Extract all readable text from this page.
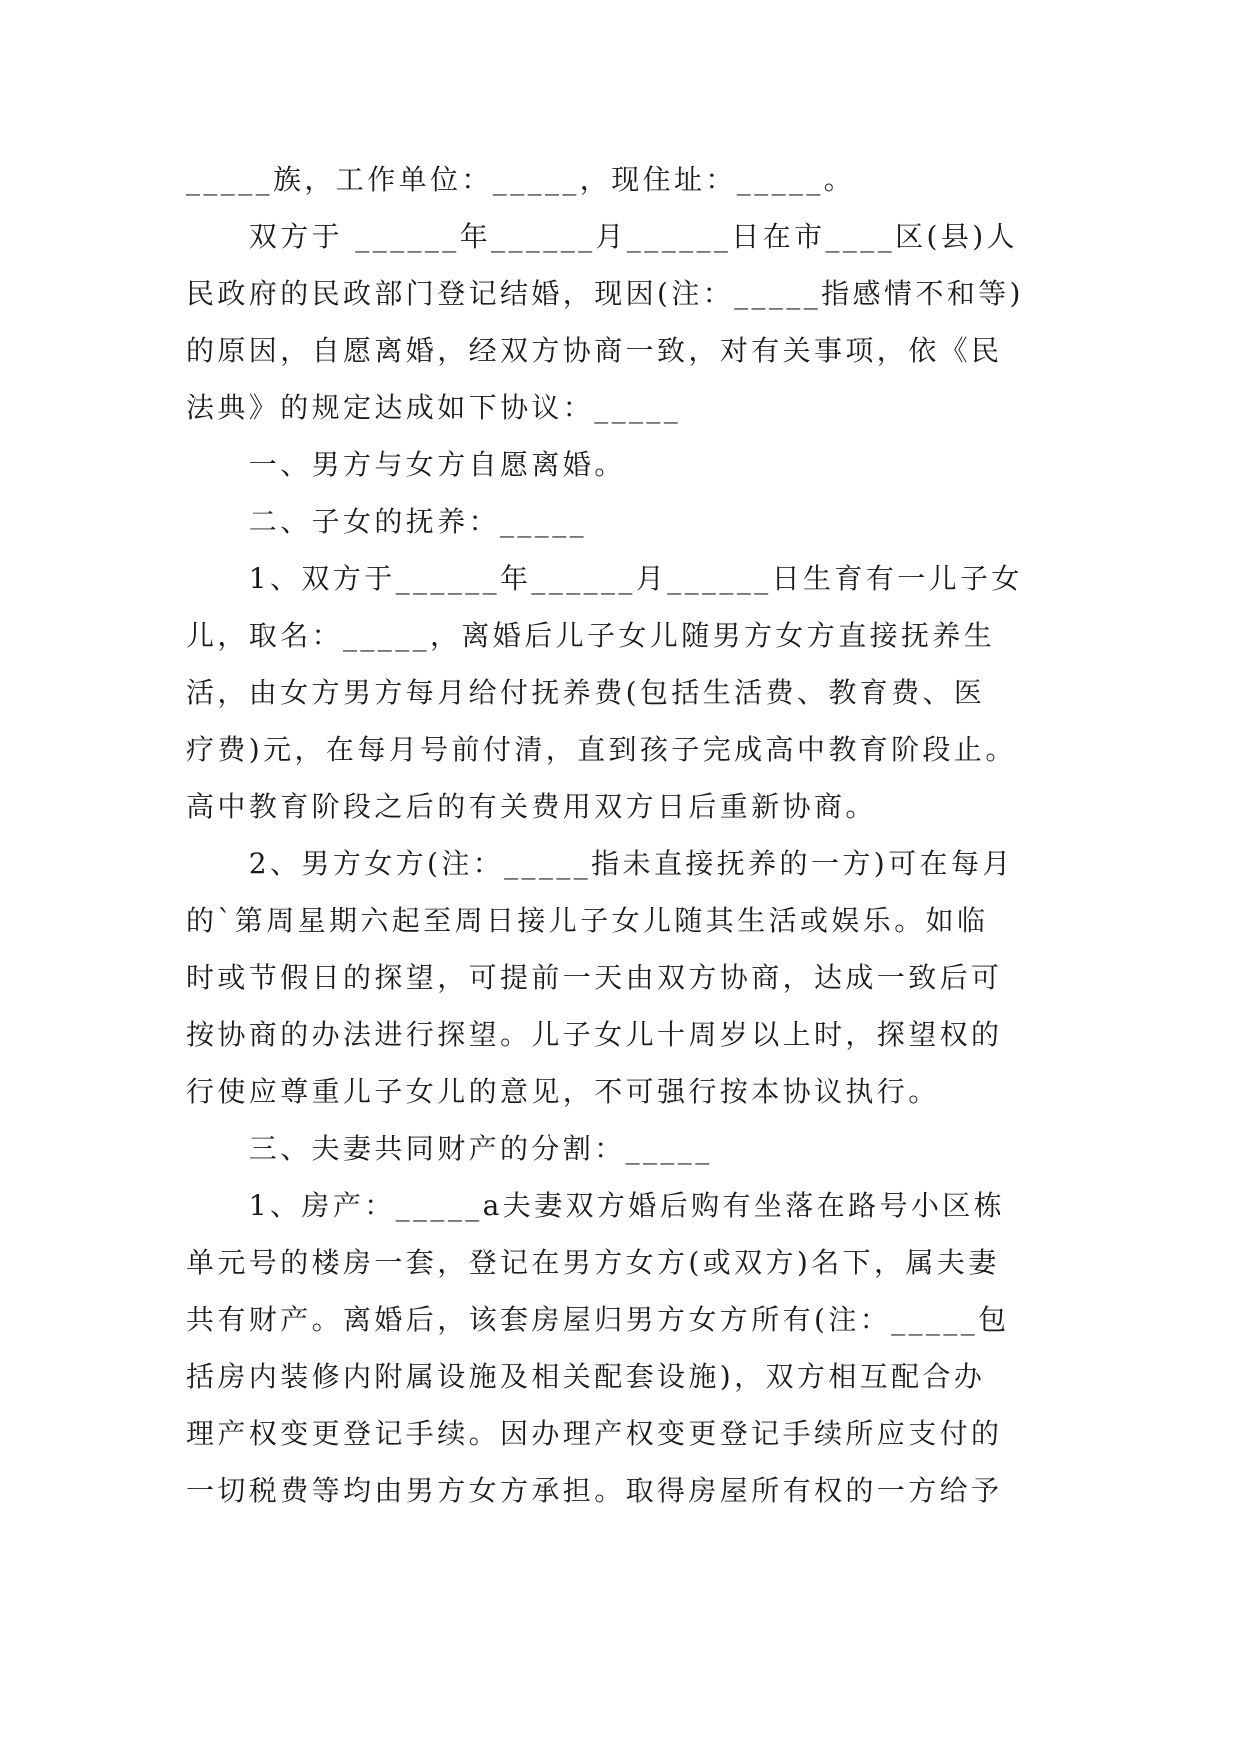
_____族，工作单位：_____，现住址：_____。
　　双方于 ______年______月______日在市____区(县)人
民政府的民政部门登记结婚，现因(注：_____指感情不和等)
的原因，自愿离婚，经双方协商一致，对有关事项，依《民
法典》的规定达成如下协议：_____
　　一、男方与女方自愿离婚。
　　二、子女的抚养：_____
　　1、双方于______年______月______日生育有一儿子女
儿，取名：_____，离婚后儿子女儿随男方女方直接抚养生
活，由女方男方每月给付抚养费(包括生活费、教育费、医
疗费)元，在每月号前付清，直到孩子完成高中教育阶段止。
高中教育阶段之后的有关费用双方日后重新协商。
　　2、男方女方(注：_____指未直接抚养的一方)可在每月
的`第周星期六起至周日接儿子女儿随其生活或娱乐。如临
时或节假日的探望，可提前一天由双方协商，达成一致后可
按协商的办法进行探望。儿子女儿十周岁以上时，探望权的
行使应尊重儿子女儿的意见，不可强行按本协议执行。
　　三、夫妻共同财产的分割：_____
　　1、房产：_____a夫妻双方婚后购有坐落在路号小区栋
单元号的楼房一套，登记在男方女方(或双方)名下，属夫妻
共有财产。离婚后，该套房屋归男方女方所有(注：_____包
括房内装修内附属设施及相关配套设施)，双方相互配合办
理产权变更登记手续。因办理产权变更登记手续所应支付的
一切税费等均由男方女方承担。取得房屋所有权的一方给予
